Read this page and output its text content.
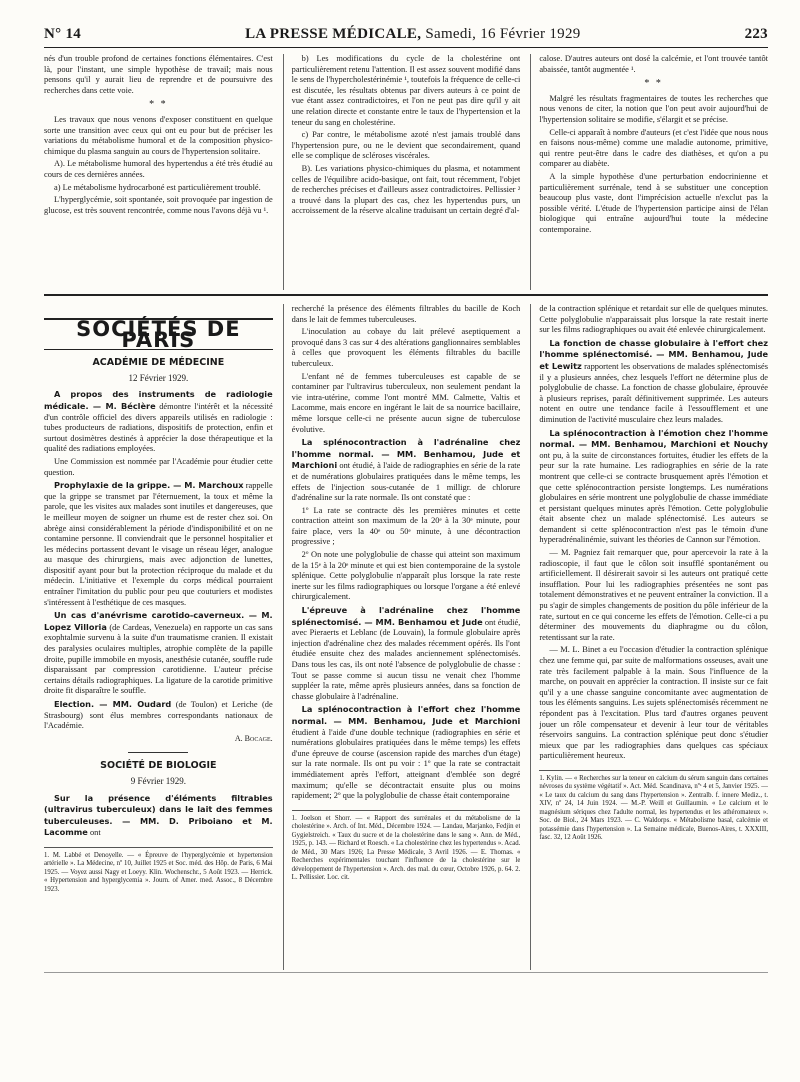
N° 14	LA PRESSE MÉDICALE, Samedi, 16 Février 1929	223

nés d'un trouble profond de certaines fonctions élémentaires. C'est là, pour l'instant, une simple hypothèse de travail; mais nous pensons qu'il y aurait lieu de reprendre et de poursuivre des recherches dans cette voie.

* *

Les travaux que nous venons d'exposer constituent en quelque sorte une transition avec ceux qui ont eu pour but de préciser les variations du métabolisme humoral et de la composition physico-chimique du plasma sanguin au cours de l'hypertension solitaire.

A). Le métabolisme humoral des hypertendus a été très étudié au cours de ces dernières années.

a) Le métabolisme hydrocarboné est particulièrement troublé.

L'hyperglycémie, soit spontanée, soit provoquée par ingestion de glucose, est très souvent rencontrée, comme nous l'avons déjà vu ¹.

b) Les modifications du cycle de la cholestérine ont particulièrement retenu l'attention. Il est assez souvent modifié dans le sens de l'hypercholestérinémie ¹, toutefois la fréquence de celle-ci est discutée, les résultats obtenus par divers auteurs à ce point de vue étant assez contradictoires, et l'on ne peut pas dire qu'il y ait une relation directe et constante entre le taux de l'hypertension et la teneur du sang en cholestérine.

c) Par contre, le métabolisme azoté n'est jamais troublé dans l'hypertension pure, ou ne le devient que secondairement, quand elle se complique de scléroses viscérales.

B). Les variations physico-chimiques du plasma, et notamment celles de l'équilibre acido-basique, ont fait, tout récemment, l'objet de recherches précises et d'ailleurs assez contradictoires. Pellissier ² a trouvé dans la plupart des cas, chez les hypertendus purs, un accroissement de la réserve alcaline traduisant un certain degré d'al-

calose. D'autres auteurs ont dosé la calcémie, et l'ont trouvée tantôt abaissée, tantôt augmentée ¹.

* *

Malgré les résultats fragmentaires de toutes les recherches que nous venons de citer, la notion que l'on peut avoir aujourd'hui de l'hypertension solitaire se modifie, s'élargit et se précise.

Celle-ci apparaît à nombre d'auteurs (et c'est l'idée que nous nous en faisons nous-même) comme une maladie autonome, primitive, qui rentre peut-être dans le cadre des diathèses, et qu'on a pu comparer au diabète.

A la simple hypothèse d'une perturbation endocrinienne et particulièrement surrénale, tend à se substituer une conception beaucoup plus vaste, dont l'imprécision actuelle n'exclut pas la possible vérité. L'étude de l'hypertension participe ainsi de l'élan biologique qui entraîne aujourd'hui toute la médecine contemporaine.

SOCIÉTÉS DE PARIS
ACADÉMIE DE MÉDECINE
12 Février 1929.

A propos des instruments de radiologie médicale. — M. Béclère démontre l'intérêt et la nécessité d'un contrôle officiel des divers appareils utilisés en radiologie : tubes producteurs de radiations, dispositifs de protection, enfin et surtout dosimètres destinés à apprécier la dose thérapeutique et la qualité des radiations employées.

Une Commission est nommée par l'Académie pour étudier cette question.

Prophylaxie de la grippe. — M. Marchoux rappelle que la grippe se transmet par l'éternuement, la toux et même la parole, que les visites aux malades sont inutiles et dangereuses, que le meilleur moyen de soigner un rhume est de rester chez soi. On abrège ainsi considérablement la période d'indisponibilité et on ne contamine personne. Il conviendrait que le personnel hospitalier et les médecins portassent devant le visage un réseau léger, analogue au masque des chirurgiens, mais avec adjonction de lunettes, dispositif ayant pour but la protection réciproque du malade et du médecin. L'initiative et l'exemple du corps médical pourraient entraîner l'imitation du public pour peu que couturiers et modistes s'intéressent à l'esthétique de ces masques.

Un cas d'anévrisme carotido-caverneux. — M. Lopez Villoria (de Cardeas, Venezuela) en rapporte un cas sans exophtalmie survenu à la suite d'un traumatisme cranien. Il existait des paralysies oculaires multiples, atrophie complète de la papille droite, pupille immobile en myosis, anesthésie cutanée, souffle rude disparaissant par compression carotidienne. L'auteur précise certains détails radiographiques. La ligature de la carotide primitive droite fit disparaître le souffle.

Election. — MM. Oudard (de Toulon) et Leriche (de Strasbourg) sont élus membres correspondants nationaux de l'Académie.

A. Bocage.
SOCIÉTÉ DE BIOLOGIE
9 Février 1929.

Sur la présence d'éléments filtrables (ultravirus tuberculeux) dans le lait des femmes tuberculeuses. — MM. D. Priboiano et M. Lacomme ont

1. M. Labbé et Denoyelle. — « Épreuve de l'hyperglycémie et hypertension artérielle ». La Médecine, nº 10, Juillet 1925 et Soc. méd. des Hôp. de Paris, 6 Mai 1925. — Voyez aussi Nagy et Loeyy. Klin. Wochenschr., 5 Août 1923. — Herrick. « Hypertension and hyperglycemia ». Journ. of Amer. med. Assoc., 8 Décembre 1923.

recherché la présence des éléments filtrables du bacille de Koch dans le lait de femmes tuberculeuses.

L'inoculation au cobaye du lait prélevé aseptiquement a provoqué dans 3 cas sur 4 des altérations ganglionnaires semblables à celles que provoquent les éléments filtrables du bacille tuberculeux.

L'enfant né de femmes tuberculeuses est capable de se contaminer par l'ultravirus tuberculeux, non seulement pendant la vie intra-utérine, comme l'ont montré MM. Calmette, Valtis et Lacomme, mais encore en ingérant le lait de sa nourrice bacillaire, même lorsque celle-ci ne présente aucun signe de tuberculose évolutive.

La splénocontraction à l'adrénaline chez l'homme normal. — MM. Benhamou, Jude et Marchioni ont étudié, à l'aide de radiographies en série de la rate et de numérations globulaires pratiquées dans le même temps, les effets de l'injection sous-cutanée de 1 milligr. de chlorure d'adrénaline sur la rate normale. Ils ont constaté que :

1º La rate se contracte dès les premières minutes et cette contraction atteint son maximum de la 20ᵉ à la 30ᵉ minute, pour faire place, vers la 40ᵉ ou 50ᵉ minute, à une décontraction progressive ;

2º On note une polyglobulie de chasse qui atteint son maximum de la 15ᵉ à la 20ᵉ minute et qui est bien contemporaine de la systole splénique. Cette polyglobulie n'apparaît plus lorsque la rate reste inerte sur les films radiographiques ou lorsque l'organe a été enlevé chirurgicalement.

L'épreuve à l'adrénaline chez l'homme splénectomisé. — MM. Benhamou et Jude ont étudié, avec Pieraerts et Leblanc (de Louvain), la formule globulaire après injection d'adrénaline chez des malades récemment opérés. Ils l'ont étudiée ensuite chez des malades anciennement splénectomisés. Dans tous les cas, ils ont noté l'absence de polyglobulie de chasse : Tout se passe comme si aucun tissu ne venait chez l'homme suppléer la rate, même après plusieurs années, dans sa fonction de chasse globulaire à l'adrénaline.

La splénocontraction à l'effort chez l'homme normal. — MM. Benhamou, Jude et Marchioni étudient à l'aide d'une double technique (radiographies en série et numérations globulaires pratiquées dans le même temps) les effets d'une épreuve de course (ascension rapide des marches d'un étage) sur la rate normale. Ils ont pu voir : 1º que la rate se contractait immédiatement après l'effort, atteignant d'emblée son degré maximum; qu'elle se décontractait ensuite plus ou moins rapidement; 2º que la polyglobulie de chasse était contemporaine

1. Joelson et Shorr. — « Rapport des surrénales et du métabolisme de la cholestérine ». Arch. of Int. Méd., Décembre 1924. — Landau, Marjanko, Fedjin et Gygielstreich. « Taux du sucre et de la cholestérine dans le sang ». Ann. de Méd., 1925, p. 143. — Richard et Roesch. « La cholestérine chez les hypertendus ». Acad. de Méd., 30 Mars 1926; La Presse Médicale, 3 Avril 1926. — E. Thomas. « Recherches expérimentales touchant l'influence de la cholestérine sur le développement de l'hypertension ». Arch. des mal. du cœur, Octobre 1926, p. 64. 2. L. Pellissier. Loc. cit.

de la contraction splénique et retardait sur elle de quelques minutes. Cette polyglobulie n'apparaissait plus lorsque la rate restait inerte sur les films radiographiques ou avait été enlevée chirurgicalement.

La fonction de chasse globulaire à l'effort chez l'homme splénectomisé. — MM. Benhamou, Jude et Lewitz rapportent les observations de malades splénectomisés il y a plusieurs années, chez lesquels l'effort ne détermine plus de polyglobulie de chasse. La fonction de chasse globulaire, éprouvée à plusieurs reprises, paraît définitivement supprimée. Les auteurs notent en outre une tendance facile à l'essoufflement et une diminution de l'activité musculaire chez leurs malades.

La splénocontraction à l'émotion chez l'homme normal. — MM. Benhamou, Marchioni et Nouchy ont pu, à la suite de circonstances fortuites, étudier les effets de la peur sur la rate humaine. Les radiographies en série de la rate montrent que celle-ci se contracte brusquement après l'émotion et que cette splénocontraction persiste longtemps. Les numérations globulaires en série montrent une polyglobulie de chasse immédiate et persistant quelques minutes après l'émotion. Cette polyglobulie était absente chez un malade splénectomisé. Les auteurs se demandent si cette splénocontraction n'est pas le témoin d'une hyperadrénalinémie, suivant les théories de Cannon sur l'émotion.

— M. Pagniez fait remarquer que, pour apercevoir la rate à la radioscopie, il faut que le côlon soit insufflé spontanément ou artificiellement. Il désirerait savoir si les auteurs ont pratiqué cette insufflation. Pour lui les radiographies présentées ne sont pas totalement démonstratives et ne peuvent entraîner la conviction. Il a pu s'agir de simples changements de position du pôle inférieur de la rate, surtout en ce qui concerne les effets de l'émotion. Celle-ci a pu déterminer des mouvements du diaphragme ou du côlon, retentissant sur la rate.

— M. L. Binet a eu l'occasion d'étudier la contraction splénique chez une femme qui, par suite de malformations osseuses, avait une rate très facilement palpable à la main. Sous l'influence de la marche, on pouvait en apprécier la contraction. Il insiste sur ce fait qu'il y a une chasse sanguine concomitante avec augmentation de tous les éléments sanguins. Les sujets splénectomisés récemment ne répondent pas à l'excitation. Plus tard d'autres organes peuvent jouer un rôle compensateur et devenir à leur tour de véritables réservoirs sanguins. La contraction splénique peut donc s'étudier mieux que par les radiographies dans quelques cas spéciaux particulièrement heureux.

1. Kylin. — « Recherches sur la teneur en calcium du sérum sanguin dans certaines névroses du système végétatif ». Act. Méd. Scandinava, nºˢ 4 et 5, Janvier 1925. — « Le taux du calcium du sang dans l'hypertension ». Zentralb. f. innere Mediz., t. XIV, nº 24, 14 Juin 1924. — M.-P. Weill et Guillaumin. « Le calcium et le magnésium sériques chez l'adulte normal, les hypertendus et les athéromateux ». Soc. de Biol., 24 Mars 1923. — C. Waldorps. « Métabolisme basal, calcémie et potassémie dans l'hypertension ». La Semaine médicale, Buenos-Aires, t. XXXIII, fasc. 32, 12 Août 1926.
